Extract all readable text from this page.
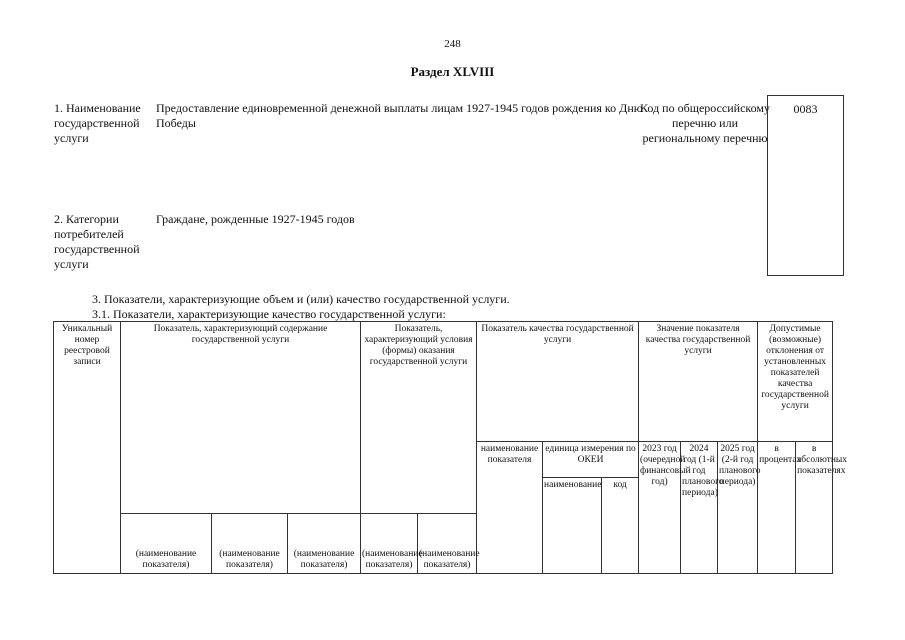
248
Раздел XLVIII
1. Наименование государственной услуги
Предоставление единовременной денежной выплаты лицам 1927-1945 годов рождения ко Дню Победы
Код по общероссийскому перечню или региональному перечню
0083
2. Категории потребителей государственной услуги
Граждане, рожденные 1927-1945 годов
3. Показатели, характеризующие объем и (или) качество государственной услуги.
3.1. Показатели, характеризующие качество государственной услуги:
Уникальный номер реестровой записи	Показатель, характеризующий содержание государственной услуги			Показатель, характеризующий условия (формы) оказания государственной услуги		Показатель качества государственной услуги			Значение показателя качества государственной услуги			Допустимые (возможные) отклонения от установленных показателей качества государственной услуги	
						наименование показателя	единица измерения по ОКЕИ		2023 год (очередной финансовый год)	2024 год (1-й год планового периода)	2025 год (2-й год планового периода)	в процентах	в абсолютных показателях
							наименование	код					
	(наименование показателя)	(наименование показателя)	(наименование показателя)	(наименование показателя)	(наименование показателя)								
